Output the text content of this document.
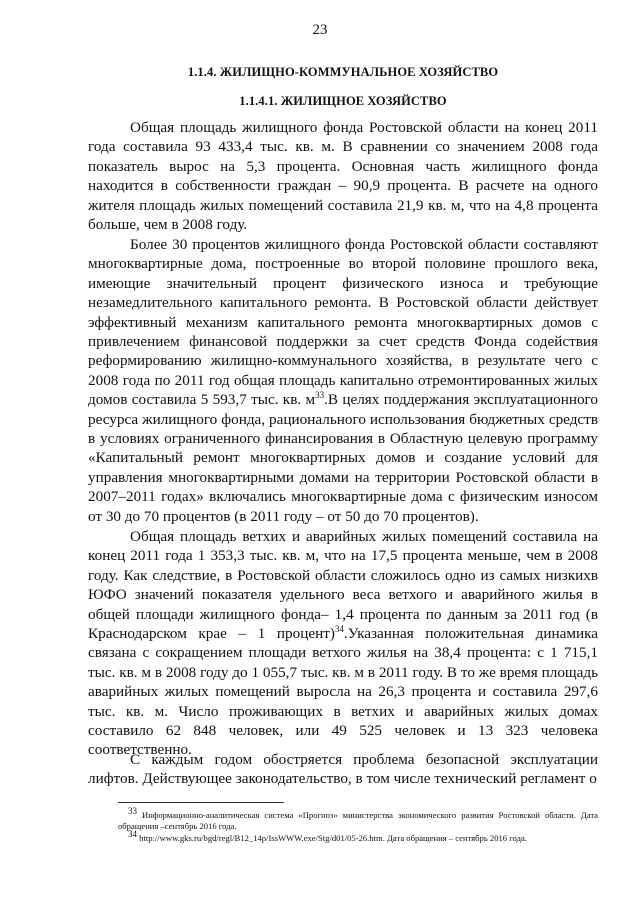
23
1.1.4. ЖИЛИЩНО-КОММУНАЛЬНОЕ ХОЗЯЙСТВО
1.1.4.1. ЖИЛИЩНОЕ ХОЗЯЙСТВО

Общая площадь жилищного фонда Ростовской области на конец 2011 года составила 93 433,4 тыс. кв. м. В сравнении со значением 2008 года показатель вырос на 5,3 процента. Основная часть жилищного фонда находится в собственности граждан – 90,9 процента. В расчете на одного жителя площадь жилых помещений составила 21,9 кв. м, что на 4,8 процента больше, чем в 2008 году.

Более 30 процентов жилищного фонда Ростовской области составляют многоквартирные дома, построенные во второй половине прошлого века, имеющие значительный процент физического износа и требующие незамедлительного капитального ремонта. В Ростовской области действует эффективный механизм капитального ремонта многоквартирных домов с привлечением финансовой поддержки за счет средств Фонда содействия реформированию жилищно-коммунального хозяйства, в результате чего с 2008 года по 2011 год общая площадь капитально отремонтированных жилых домов составила 5 593,7 тыс. кв. $м^{33}.В$ целях поддержания эксплуатационного ресурса жилищного фонда, рационального использования бюджетных средств в условиях ограниченного финансирования в Областную целевую программу «Капитальный ремонт многоквартирных домов и создание условий для управления многоквартирными домами на территории Ростовской области в 2007–2011 годах» включались многоквартирные дома с физическим износом от 30 до 70 процентов (в 2011 году – от 50 до 70 процентов).

Общая площадь ветхих и аварийных жилых помещений составила на конец 2011 года 1 353,3 тыс. кв. м, что на 17,5 процента меньше, чем в 2008 году. Как следствие, в Ростовской области сложилось одно из самых низкихв ЮФО значений показателя удельного веса ветхого и аварийного жилья в общей площади жилищного фонда– 1,4 процента по данным за 2011 год (в Краснодарском крае – 1 процент)$^{34}$.Указанная положительная динамика связана с сокращением площади ветхого жилья на 38,4 процента: с 1 715,1 тыс. кв. м в 2008 году до 1 055,7 тыс. кв. м в 2011 году. В то же время площадь аварийных жилых помещений выросла на 26,3 процента и составила 297,6 тыс. кв. м. Число проживающих в ветхих и аварийных жилых домах составило 62 848 человек, или 49 525 человек и 13 323 человека соответственно.

С каждым годом обостряется проблема безопасной эксплуатации лифтов. Действующее законодательство, в том числе технический регламент о

$^{33}$ Информационно-аналитическая система «Прогноз» министерства экономического развития Ростовской области. Дата обращения –сентябрь 2016 года.

$^{34}$ http://www.gks.ru/bgd/regl/B12_14p/IssWWW.exe/Stg/d01/05-26.htm. Дата обращения – сентябрь 2016 года.
